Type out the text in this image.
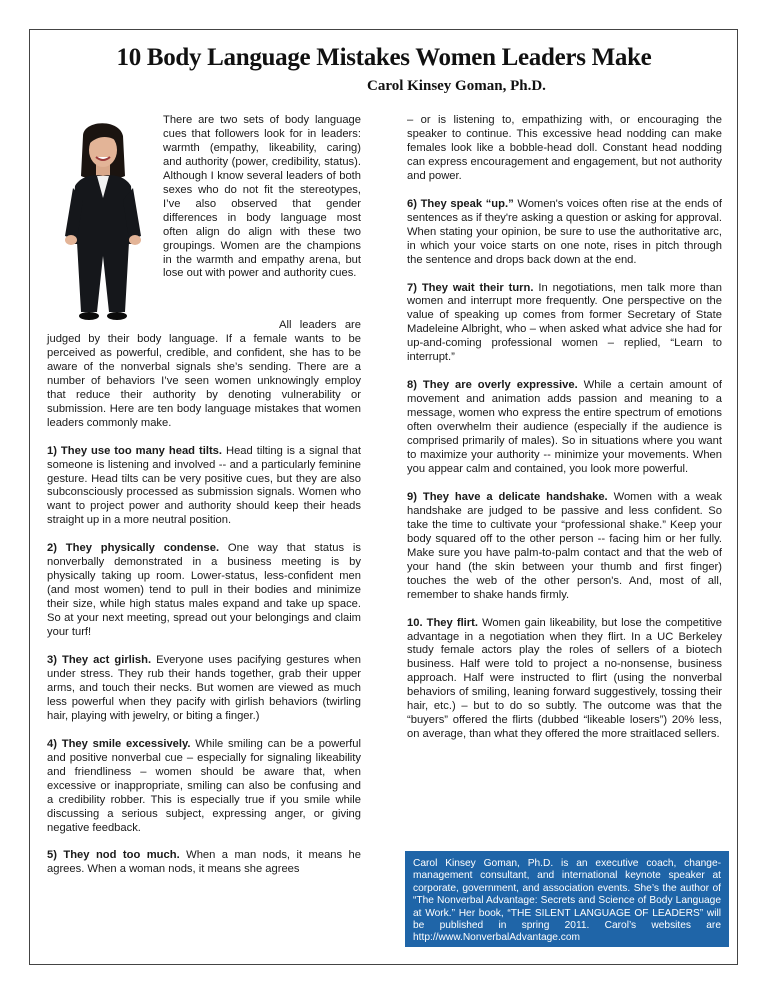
10 Body Language Mistakes Women Leaders Make
Carol Kinsey Goman, Ph.D.

There are two sets of body language cues that followers look for in leaders: warmth (empathy, likeability, caring) and authority (power, credibility, status). Although I know several leaders of both sexes who do not fit the stereotypes, I’ve also observed that gender differences in body language most often align do align with these two groupings. Women are the champions in the warmth and empathy arena, but lose out with power and authority cues.

All leaders are judged by their body language. If a female wants to be perceived as powerful, credible, and confident, she has to be aware of the nonverbal signals she’s sending. There are a number of behaviors I’ve seen women unknowingly employ that reduce their authority by denoting vulnerability or submission. Here are ten body language mistakes that women leaders commonly make.

1) They use too many head tilts. Head tilting is a signal that someone is listening and involved -- and a particularly feminine gesture. Head tilts can be very positive cues, but they are also subconsciously processed as submission signals. Women who want to project power and authority should keep their heads straight up in a more neutral position.

2) They physically condense. One way that status is nonverbally demonstrated in a business meeting is by physically taking up room. Lower-status, less-confident men (and most women) tend to pull in their bodies and minimize their size, while high status males expand and take up space. So at your next meeting, spread out your belongings and claim your turf!

3) They act girlish. Everyone uses pacifying gestures when under stress. They rub their hands together, grab their upper arms, and touch their necks. But women are viewed as much less powerful when they pacify with girlish behaviors (twirling hair, playing with jewelry, or biting a finger.)

4) They smile excessively. While smiling can be a powerful and positive nonverbal cue – especially for signaling likeability and friendliness – women should be aware that, when excessive or inappropriate, smiling can also be confusing and a credibility robber. This is especially true if you smile while discussing a serious subject, expressing anger, or giving negative feedback.

5) They nod too much. When a man nods, it means he agrees. When a woman nods, it means she agrees

– or is listening to, empathizing with, or encouraging the speaker to continue. This excessive head nodding can make females look like a bobble-head doll. Constant head nodding can express encouragement and engagement, but not authority and power.

6) They speak “up.” Women's voices often rise at the ends of sentences as if they're asking a question or asking for approval. When stating your opinion, be sure to use the authoritative arc, in which your voice starts on one note, rises in pitch through the sentence and drops back down at the end.

7) They wait their turn. In negotiations, men talk more than women and interrupt more frequently. One perspective on the value of speaking up comes from former Secretary of State Madeleine Albright, who – when asked what advice she had for up-and-coming professional women – replied, “Learn to interrupt.”

8) They are overly expressive. While a certain amount of movement and animation adds passion and meaning to a message, women who express the entire spectrum of emotions often overwhelm their audience (especially if the audience is comprised primarily of males). So in situations where you want to maximize your authority -- minimize your movements. When you appear calm and contained, you look more powerful.

9) They have a delicate handshake. Women with a weak handshake are judged to be passive and less confident. So take the time to cultivate your “professional shake.” Keep your body squared off to the other person -- facing him or her fully. Make sure you have palm-to-palm contact and that the web of your hand (the skin between your thumb and first finger) touches the web of the other person's. And, most of all, remember to shake hands firmly.

10. They flirt. Women gain likeability, but lose the competitive advantage in a negotiation when they flirt. In a UC Berkeley study female actors play the roles of sellers of a biotech business. Half were told to project a no-nonsense, business approach. Half were instructed to flirt (using the nonverbal behaviors of smiling, leaning forward suggestively, tossing their hair, etc.) – but to do so subtly. The outcome was that the “buyers” offered the flirts (dubbed “likeable losers”) 20% less, on average, than what they offered the more straitlaced sellers.

Carol Kinsey Goman, Ph.D. is an executive coach, change-management consultant, and international keynote speaker at corporate, government, and association events. She’s the author of “The Nonverbal Advantage: Secrets and Science of Body Language at Work.” Her book, “THE SILENT LANGUAGE OF LEADERS” will be published in spring 2011. Carol’s websites are http://www.NonverbalAdvantage.com
